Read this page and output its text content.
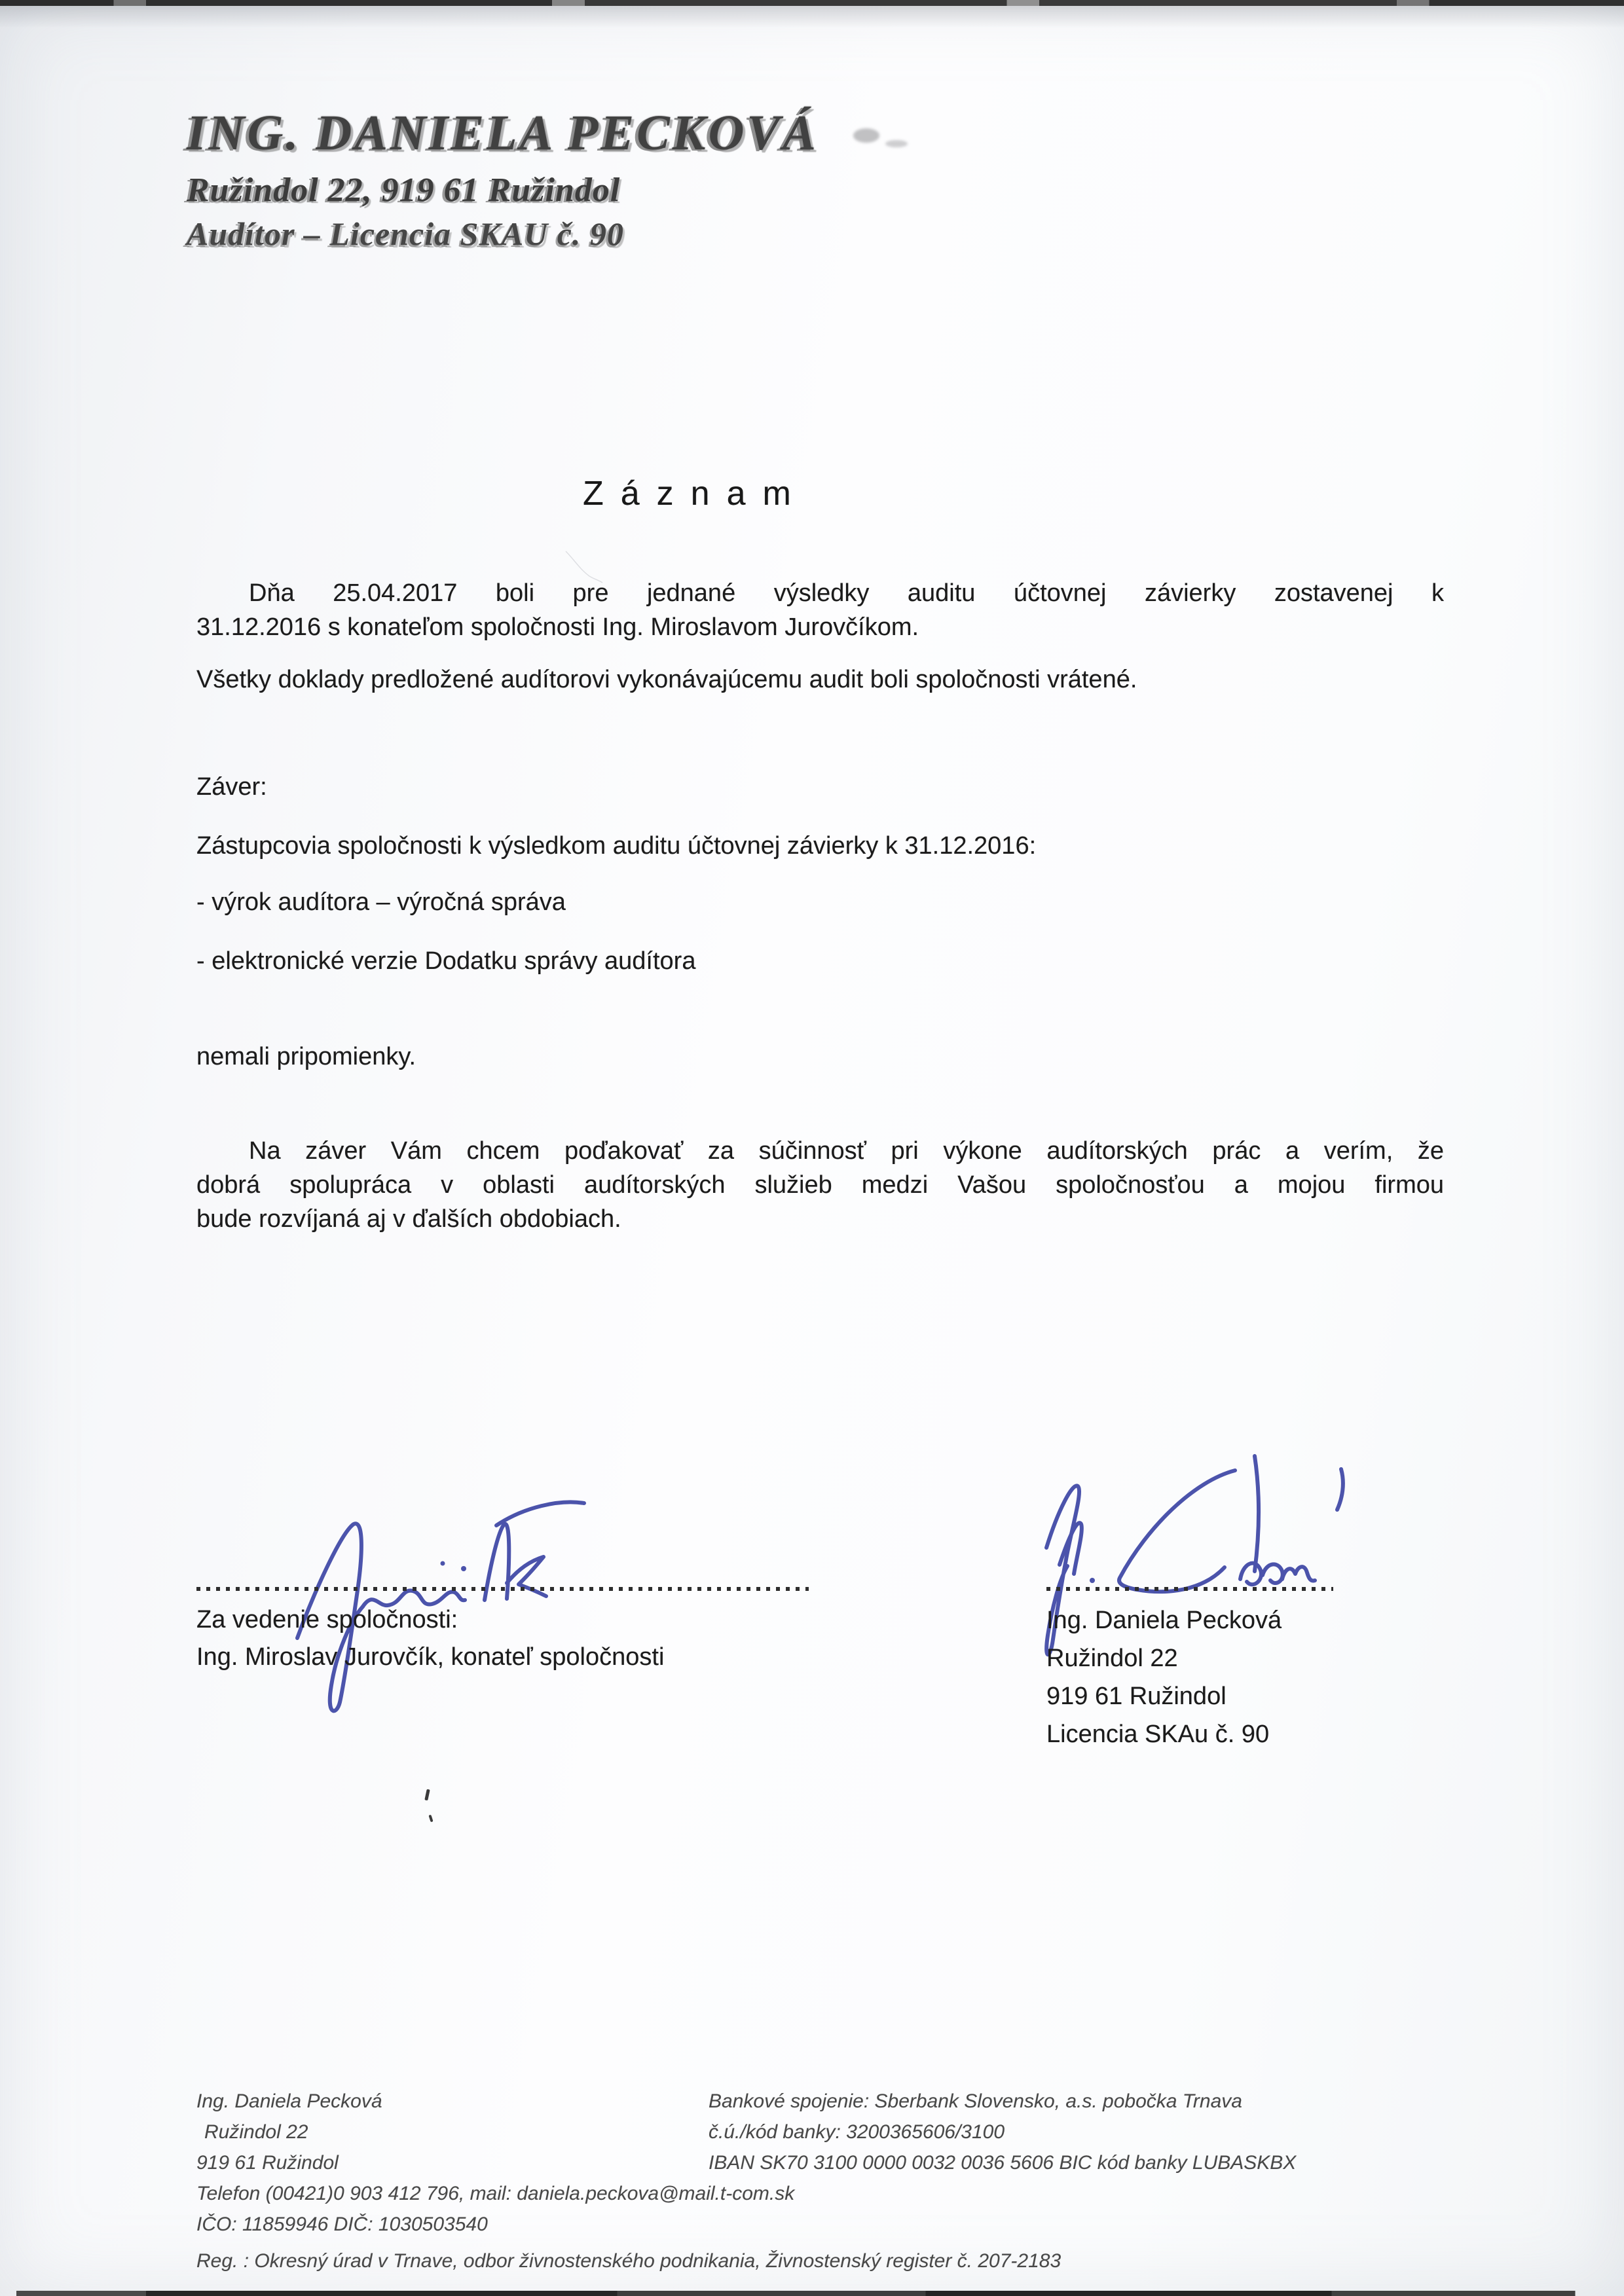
ING. DANIELA PECKOVÁ
Ružindol 22, 919 61 Ružindol
Audítor – Licencia SKAU č. 90
Záznam
Dňa 25.04.2017 boli pre jednané výsledky auditu účtovnej závierky zostavenej k
31.12.2016 s konateľom spoločnosti Ing. Miroslavom Jurovčíkom.
Všetky doklady predložené audítorovi vykonávajúcemu audit boli spoločnosti vrátené.
Záver:
Zástupcovia spoločnosti k výsledkom auditu účtovnej závierky k 31.12.2016:
- výrok audítora – výročná správa
- elektronické verzie Dodatku správy audítora
nemali pripomienky.
Na záver Vám chcem poďakovať za súčinnosť pri výkone audítorských prác a verím, že
dobrá spolupráca v oblasti audítorských služieb medzi Vašou spoločnosťou a mojou firmou
bude rozvíjaná aj v ďalších obdobiach.
Za vedenie spoločnosti:
Ing. Miroslav Jurovčík, konateľ spoločnosti
Ing. Daniela Pecková
Ružindol 22
919 61 Ružindol
Licencia SKAu č. 90
Ing. Daniela Pecková	Bankové spojenie: Sberbank Slovensko, a.s. pobočka Trnava
Ružindol 22	č.ú./kód banky: 3200365606/3100
919 61 Ružindol	IBAN SK70 3100 0000 0032 0036 5606 BIC kód banky LUBASKBX
Telefon (00421)0 903 412 796, mail: daniela.peckova@mail.t-com.sk
IČO: 11859946 DIČ: 1030503540
Reg. : Okresný úrad v Trnave, odbor živnostenského podnikania, Živnostenský register č. 207-2183
